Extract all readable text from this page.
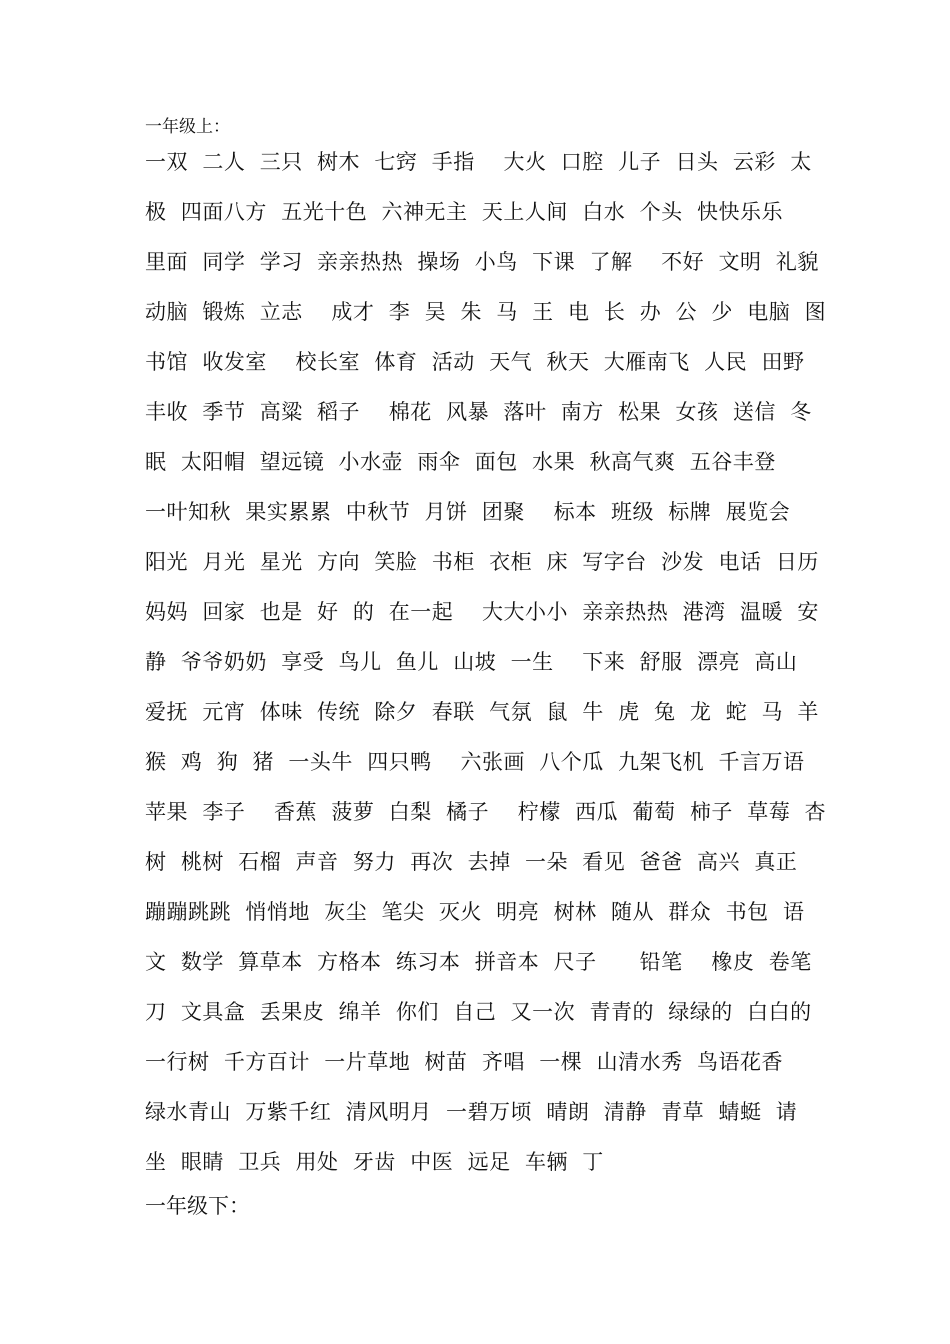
一年级上：
一双  二人  三只  树木  七窍  手指    大火  口腔  儿子  日头  云彩  太
极  四面八方  五光十色  六神无主  天上人间  白水  个头  快快乐乐
里面  同学  学习  亲亲热热  操场  小鸟  下课  了解    不好  文明  礼貌
动脑  锻炼  立志    成才  李  吴  朱  马  王  电  长  办  公  少  电脑  图
书馆  收发室    校长室  体育  活动  天气  秋天  大雁南飞  人民  田野
丰收  季节  高粱  稻子    棉花  风暴  落叶  南方  松果  女孩  送信  冬
眠  太阳帽  望远镜  小水壶  雨伞  面包  水果  秋高气爽  五谷丰登
一叶知秋  果实累累  中秋节  月饼  团聚    标本  班级  标牌  展览会
阳光  月光  星光  方向  笑脸  书柜  衣柜  床  写字台  沙发  电话  日历
妈妈  回家  也是  好  的  在一起    大大小小  亲亲热热  港湾  温暖  安
静  爷爷奶奶  享受  鸟儿  鱼儿  山坡  一生    下来  舒服  漂亮  高山
爱抚  元宵  体味  传统  除夕  春联  气氛  鼠  牛  虎  兔  龙  蛇  马  羊
猴  鸡  狗  猪  一头牛  四只鸭    六张画  八个瓜  九架飞机  千言万语
苹果  李子    香蕉  菠萝  白梨  橘子    柠檬  西瓜  葡萄  柿子  草莓  杏
树  桃树  石榴  声音  努力  再次  去掉  一朵  看见  爸爸  高兴  真正
蹦蹦跳跳  悄悄地  灰尘  笔尖  灭火  明亮  树林  随从  群众  书包  语
文  数学  算草本  方格本  练习本  拼音本  尺子      铅笔    橡皮  卷笔
刀  文具盒  丢果皮  绵羊  你们  自己  又一次  青青的  绿绿的  白白的
一行树  千方百计  一片草地  树苗  齐唱  一棵  山清水秀  鸟语花香
绿水青山  万紫千红  清风明月  一碧万顷  晴朗  清静  青草  蜻蜓  请
坐  眼睛  卫兵  用处  牙齿  中医  远足  车辆  丁
一年级下：
